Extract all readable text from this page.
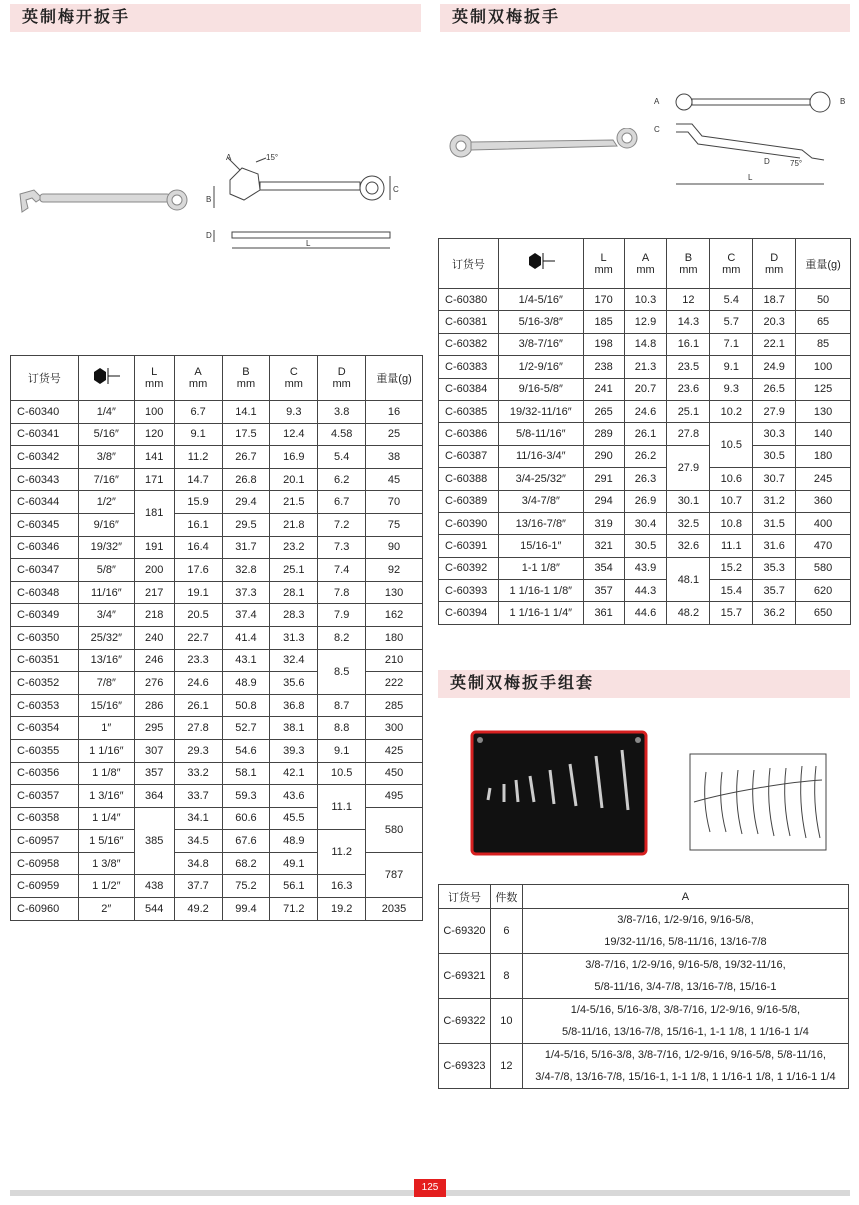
英制梅开扳手
A	15°
B
C
D
L
订货号		L
mm	A
mm	B
mm	C
mm	D
mm	重量(g)
C-60340	1/4″	100	6.7	14.1	9.3	3.8	16
C-60341	5/16″	120	9.1	17.5	12.4	4.58	25
C-60342	3/8″	141	11.2	26.7	16.9	5.4	38
C-60343	7/16″	171	14.7	26.8	20.1	6.2	45
C-60344	1/2″	181	15.9	29.4	21.5	6.7	70
C-60345	9/16″		16.1	29.5	21.8	7.2	75
C-60346	19/32″	191	16.4	31.7	23.2	7.3	90
C-60347	5/8″	200	17.6	32.8	25.1	7.4	92
C-60348	11/16″	217	19.1	37.3	28.1	7.8	130
C-60349	3/4″	218	20.5	37.4	28.3	7.9	162
C-60350	25/32″	240	22.7	41.4	31.3	8.2	180
C-60351	13/16″	246	23.3	43.1	32.4	8.5	210
C-60352	7/8″	276	24.6	48.9	35.6		222
C-60353	15/16″	286	26.1	50.8	36.8	8.7	285
C-60354	1″	295	27.8	52.7	38.1	8.8	300
C-60355	1 1/16″	307	29.3	54.6	39.3	9.1	425
C-60356	1 1/8″	357	33.2	58.1	42.1	10.5	450
C-60357	1 3/16″	364	33.7	59.3	43.6	11.1	495
C-60358	1 1/4″	385	34.1	60.6	45.5		580
C-60957	1 5/16″		34.5	67.6	48.9	11.2	
C-60958	1 3/8″		34.8	68.2	49.1		787
C-60959	1 1/2″	438	37.7	75.2	56.1	16.3	
C-60960	2″	544	49.2	99.4	71.2	19.2	2035
英制双梅扳手
A	B
C
D	75°
L
订货号		L
mm	A
mm	B
mm	C
mm	D
mm	重量(g)
C-60380	1/4-5/16″	170	10.3	12	5.4	18.7	50
C-60381	5/16-3/8″	185	12.9	14.3	5.7	20.3	65
C-60382	3/8-7/16″	198	14.8	16.1	7.1	22.1	85
C-60383	1/2-9/16″	238	21.3	23.5	9.1	24.9	100
C-60384	9/16-5/8″	241	20.7	23.6	9.3	26.5	125
C-60385	19/32-11/16″	265	24.6	25.1	10.2	27.9	130
C-60386	5/8-11/16″	289	26.1	27.8	10.5	30.3	140
C-60387	11/16-3/4″	290	26.2	27.9		30.5	180
C-60388	3/4-25/32″	291	26.3		10.6	30.7	245
C-60389	3/4-7/8″	294	26.9	30.1	10.7	31.2	360
C-60390	13/16-7/8″	319	30.4	32.5	10.8	31.5	400
C-60391	15/16-1″	321	30.5	32.6	11.1	31.6	470
C-60392	1-1 1/8″	354	43.9	48.1	15.2	35.3	580
C-60393	1 1/16-1 1/8″	357	44.3		15.4	35.7	620
C-60394	1 1/16-1 1/4″	361	44.6	48.2	15.7	36.2	650
英制双梅扳手组套
订货号	件数	A
C-69320	6	3/8-7/16, 1/2-9/16, 9/16-5/8,
19/32-11/16, 5/8-11/16, 13/16-7/8

C-69321	8	3/8-7/16, 1/2-9/16, 9/16-5/8, 19/32-11/16,
5/8-11/16, 3/4-7/8, 13/16-7/8, 15/16-1

C-69322	10	1/4-5/16, 5/16-3/8, 3/8-7/16, 1/2-9/16, 9/16-5/8,
5/8-11/16, 13/16-7/8, 15/16-1, 1-1 1/8, 1 1/16-1 1/4

C-69323	12	1/4-5/16, 5/16-3/8, 3/8-7/16, 1/2-9/16, 9/16-5/8, 5/8-11/16,
3/4-7/8, 13/16-7/8, 15/16-1, 1-1 1/8, 1 1/16-1 1/8, 1 1/16-1 1/4
125
